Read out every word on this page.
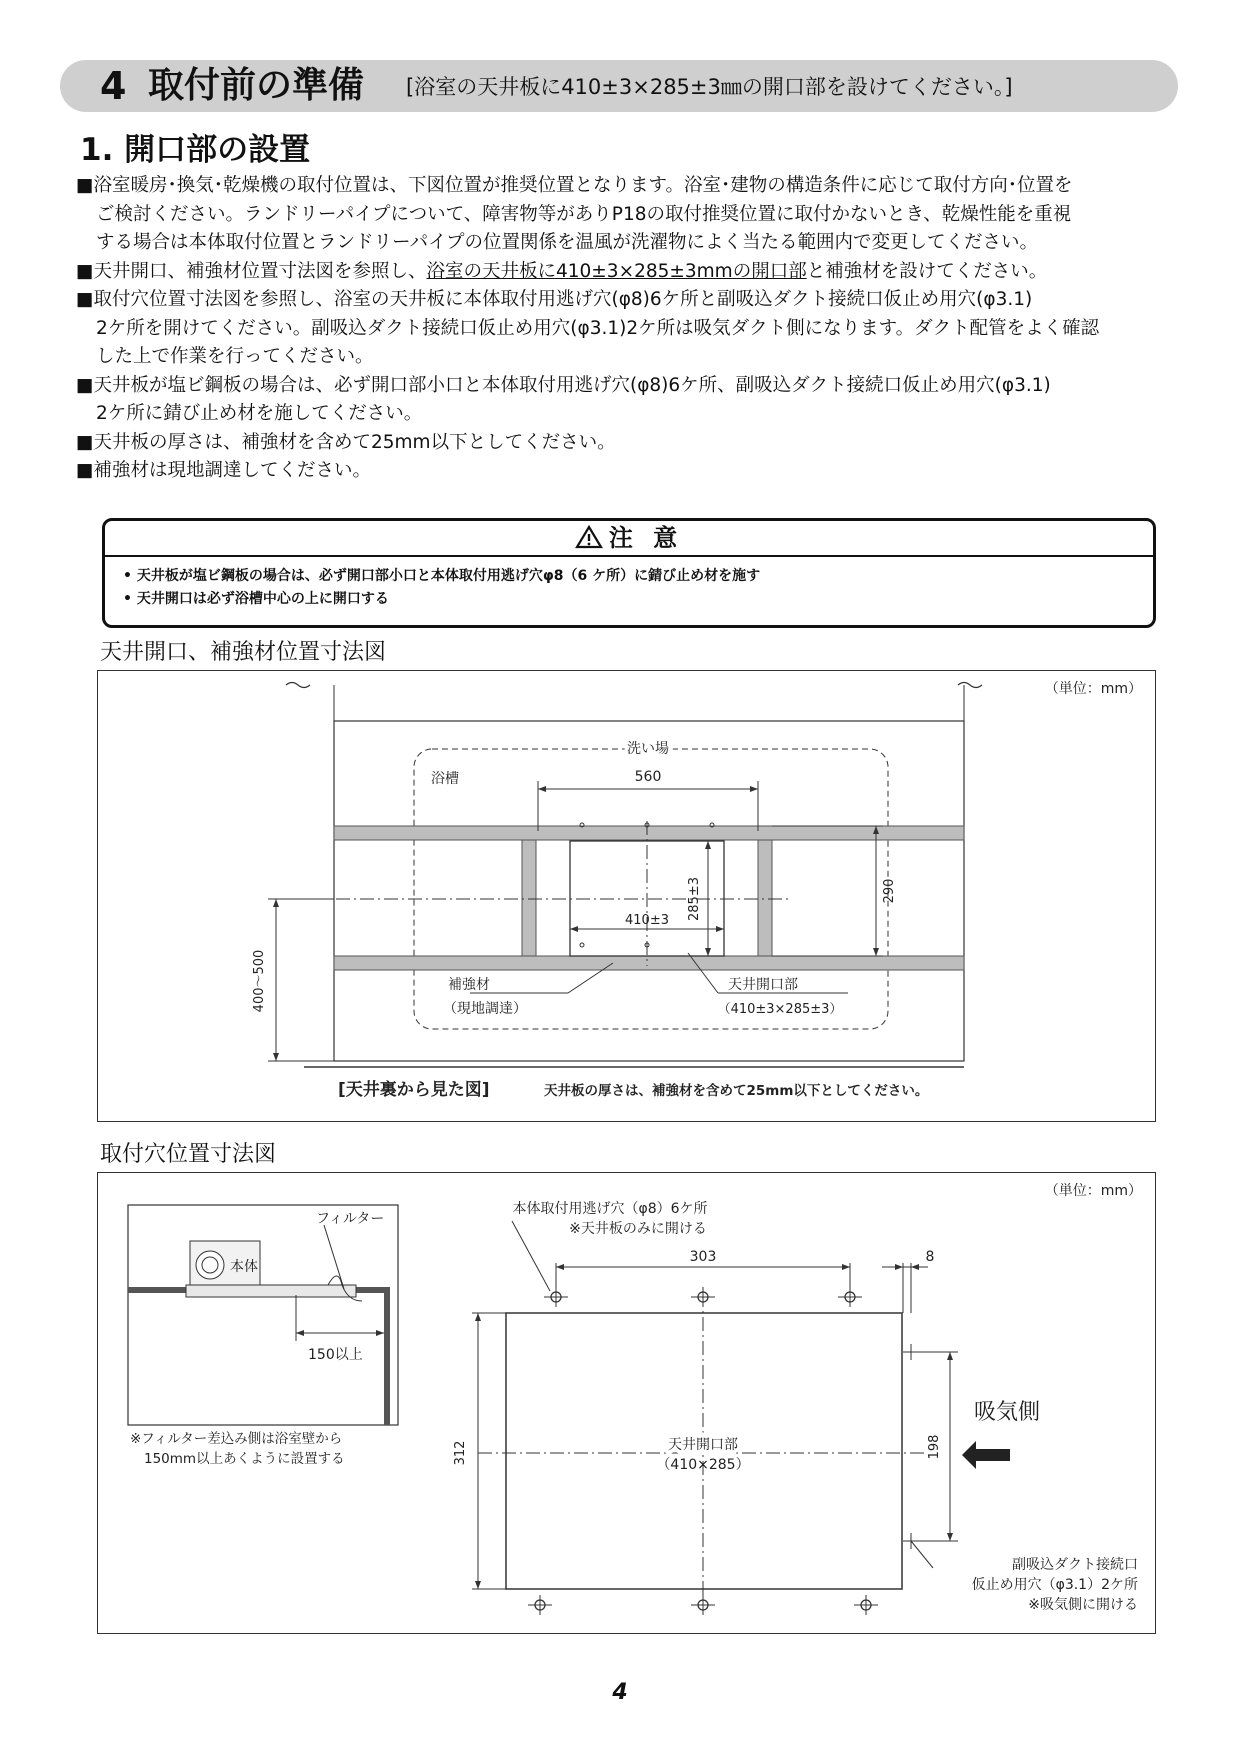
4 取付前の準備 [浴室の天井板に410±3×285±3㎜の開口部を設けてください。]
1. 開口部の設置

■浴室暖房･換気･乾燥機の取付位置は、下図位置が推奨位置となります。浴室･建物の構造条件に応じて取付方向･位置を

ご検討ください。ランドリーパイプについて、障害物等がありP18の取付推奨位置に取付かないとき、乾燥性能を重視

する場合は本体取付位置とランドリーパイプの位置関係を温風が洗濯物によく当たる範囲内で変更してください。

■天井開口、補強材位置寸法図を参照し、浴室の天井板に410±3×285±3mmの開口部と補強材を設けてください。

■取付穴位置寸法図を参照し、浴室の天井板に本体取付用逃げ穴(φ8)6ケ所と副吸込ダクト接続口仮止め用穴(φ3.1)

2ケ所を開けてください。副吸込ダクト接続口仮止め用穴(φ3.1)2ケ所は吸気ダクト側になります。ダクト配管をよく確認

した上で作業を行ってください。

■天井板が塩ビ鋼板の場合は、必ず開口部小口と本体取付用逃げ穴(φ8)6ケ所、副吸込ダクト接続口仮止め用穴(φ3.1)

2ケ所に錆び止め材を施してください。

■天井板の厚さは、補強材を含めて25mm以下としてください。

■補強材は現地調達してください。

注 意
• 天井板が塩ビ鋼板の場合は、必ず開口部小口と本体取付用逃げ穴φ8（6 ケ所）に錆び止め材を施す
• 天井開口は必ず浴槽中心の上に開口する
天井開口、補強材位置寸法図
（単位：mm）
洗い場
浴槽	560
290
285±3
410±3
400～500	補強材
（現地調達）
天井開口部
（410±3×285±3）
[天井裏から見た図]	天井板の厚さは、補強材を含めて25mm以下としてください。
取付穴位置寸法図
（単位：mm）
フィルター
本体
150以上
※フィルター差込み側は浴室壁から
150mm以上あくように設置する
本体取付用逃げ穴（φ8）6ケ所
※天井板のみに開ける
303	8
312	198
天井開口部
（410×285）
吸気側
副吸込ダクト接続口
仮止め用穴（φ3.1）2ケ所
※吸気側に開ける
4
